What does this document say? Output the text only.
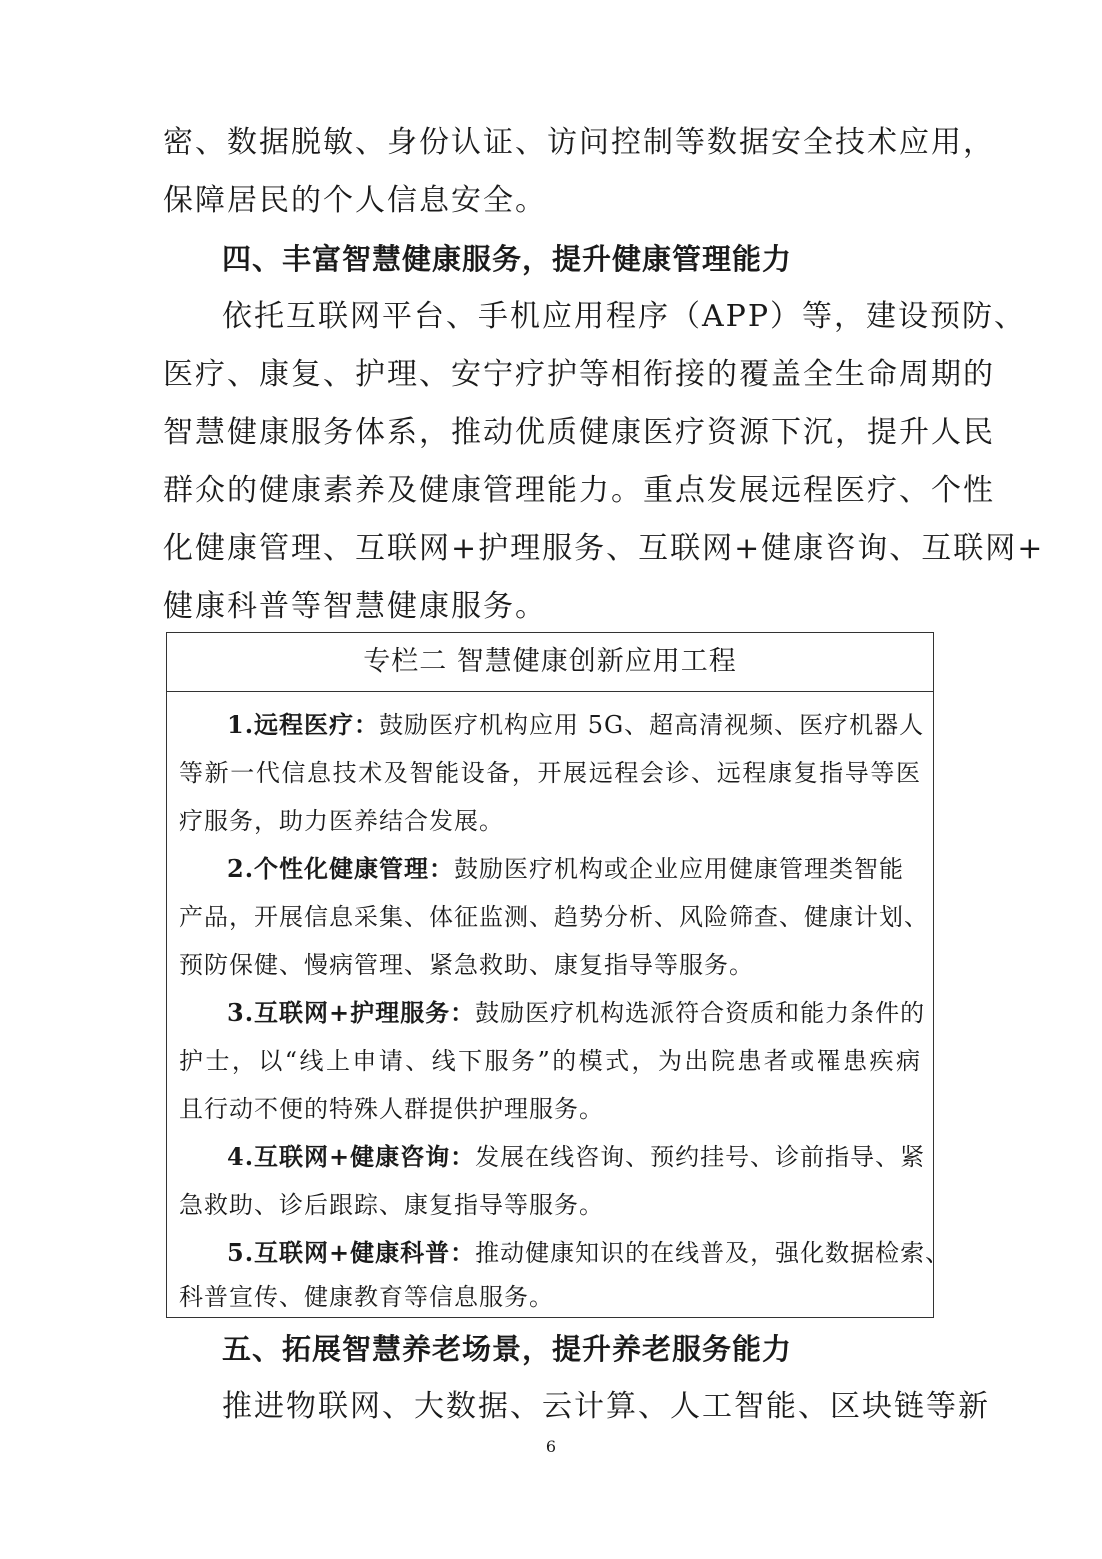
密、数据脱敏、身份认证、访问控制等数据安全技术应用，
保障居民的个人信息安全。
四、丰富智慧健康服务，提升健康管理能力
依托互联网平台、手机应用程序（APP）等，建设预防、
医疗、康复、护理、安宁疗护等相衔接的覆盖全生命周期的
智慧健康服务体系，推动优质健康医疗资源下沉，提升人民
群众的健康素养及健康管理能力。重点发展远程医疗、个性
化健康管理、互联网+护理服务、互联网+健康咨询、互联网+
健康科普等智慧健康服务。
专栏二 智慧健康创新应用工程
1.远程医疗：鼓励医疗机构应用 5G、超高清视频、医疗机器人
等新一代信息技术及智能设备，开展远程会诊、远程康复指导等医
疗服务，助力医养结合发展。
2.个性化健康管理：鼓励医疗机构或企业应用健康管理类智能
产品，开展信息采集、体征监测、趋势分析、风险筛查、健康计划、
预防保健、慢病管理、紧急救助、康复指导等服务。
3.互联网+护理服务：鼓励医疗机构选派符合资质和能力条件的
护士，以“线上申请、线下服务”的模式，为出院患者或罹患疾病
且行动不便的特殊人群提供护理服务。
4.互联网+健康咨询：发展在线咨询、预约挂号、诊前指导、紧
急救助、诊后跟踪、康复指导等服务。
5.互联网+健康科普：推动健康知识的在线普及，强化数据检索、
科普宣传、健康教育等信息服务。
五、拓展智慧养老场景，提升养老服务能力
推进物联网、大数据、云计算、人工智能、区块链等新
6
